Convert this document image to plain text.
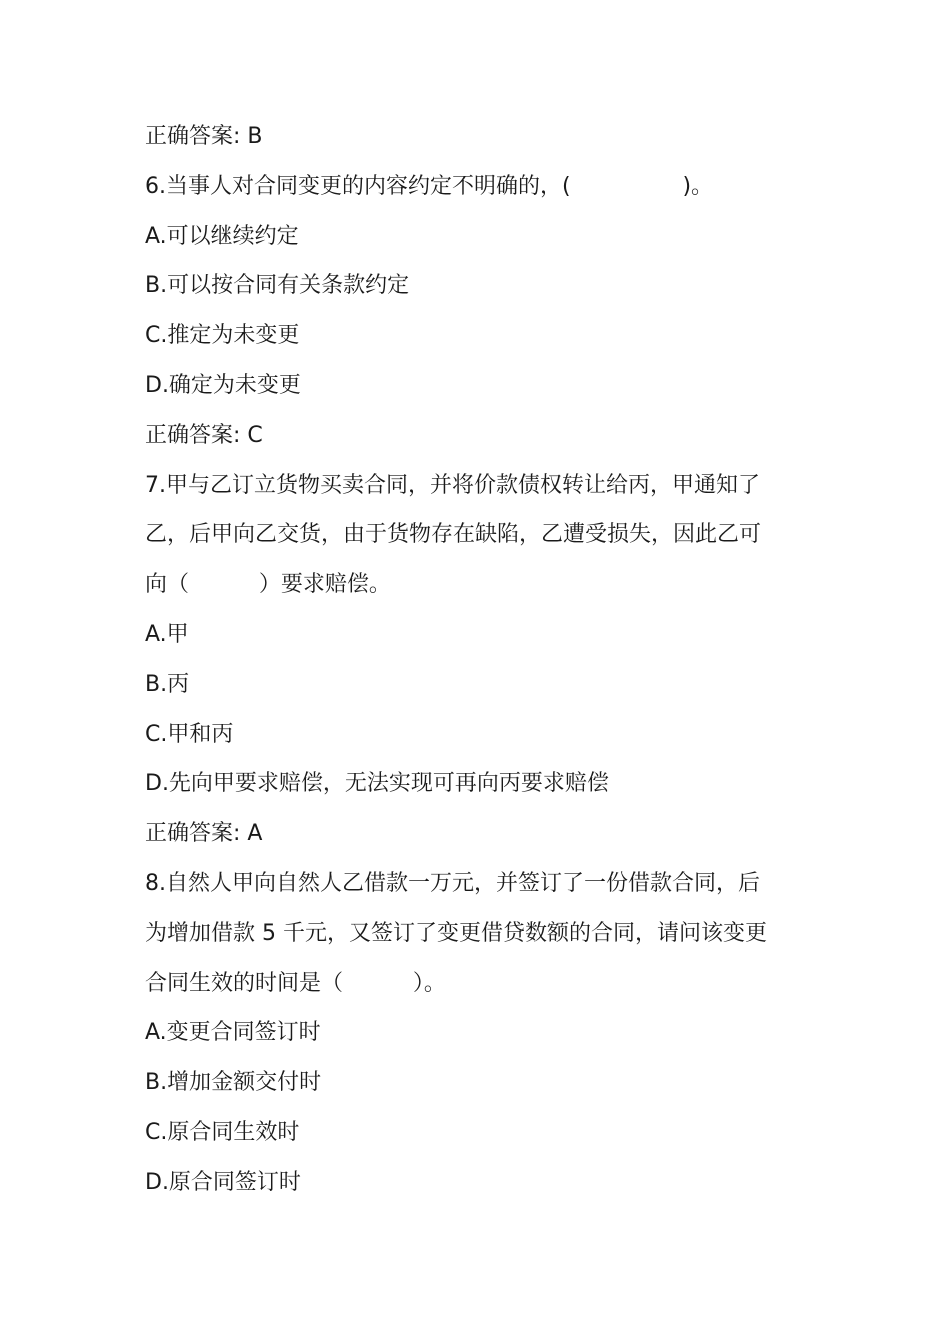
正确答案: B

6.当事人对合同变更的内容约定不明确的，(                )。

A.可以继续约定

B.可以按合同有关条款约定

C.推定为未变更

D.确定为未变更

正确答案: C

7.甲与乙订立货物买卖合同，并将价款债权转让给丙，甲通知了

乙，后甲向乙交货，由于货物存在缺陷，乙遭受损失，因此乙可

向（          ）要求赔偿。

A.甲

B.丙

C.甲和丙

D.先向甲要求赔偿，无法实现可再向丙要求赔偿

正确答案: A

8.自然人甲向自然人乙借款一万元，并签订了一份借款合同，后

为增加借款 5 千元，又签订了变更借贷数额的合同，请问该变更

合同生效的时间是（          ）。

A.变更合同签订时

B.增加金额交付时

C.原合同生效时

D.原合同签订时
